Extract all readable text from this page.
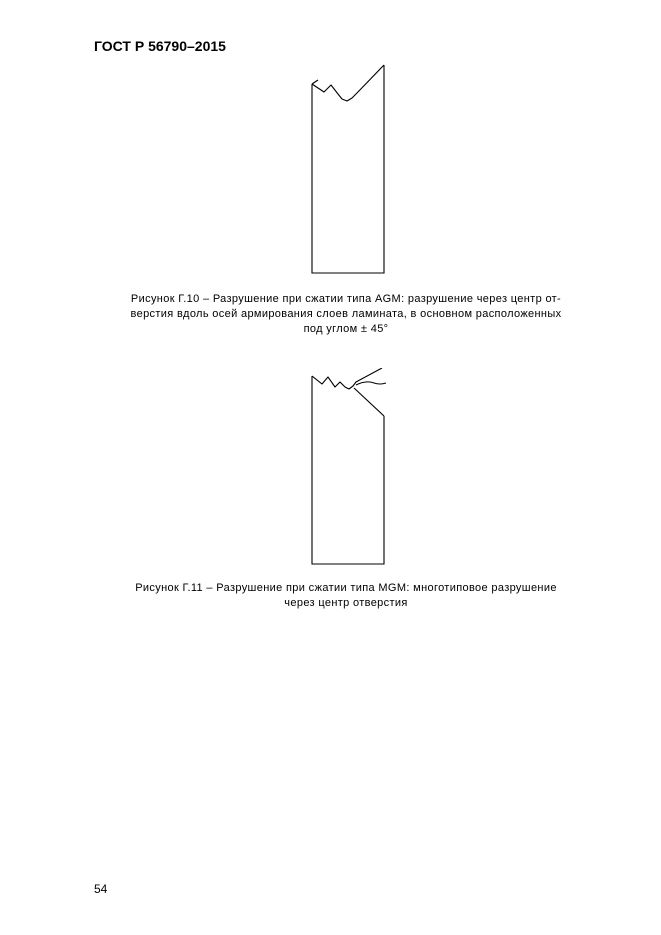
ГОСТ Р 56790–2015
Рисунок Г.10 – Разрушение при сжатии типа AGM: разрушение через центр от-
верстия вдоль осей армирования слоев ламината, в основном расположенных
под углом ± 45°
Рисунок Г.11 – Разрушение при сжатии типа MGM: многотиповое разрушение
через центр отверстия
54
